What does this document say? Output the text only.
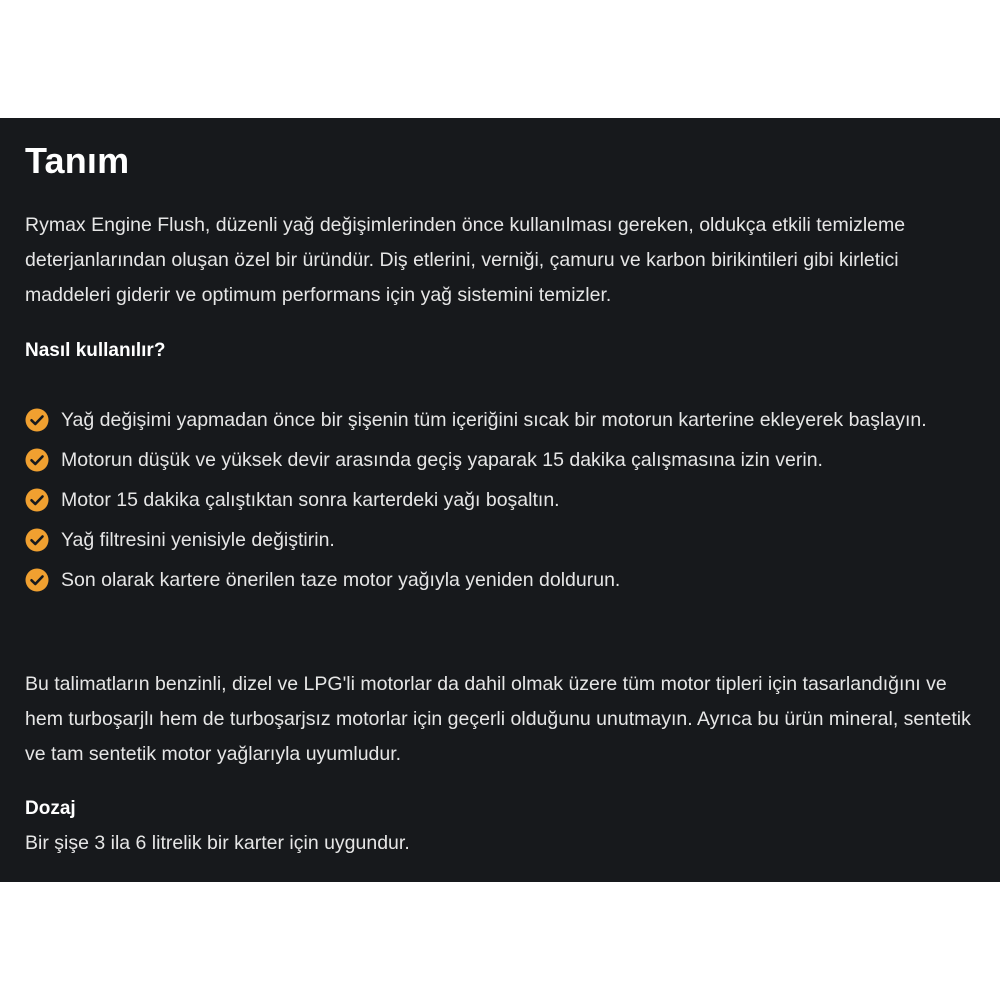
Tanım

Rymax Engine Flush, düzenli yağ değişimlerinden önce kullanılması gereken, oldukça etkili temizleme deterjanlarından oluşan özel bir üründür. Diş etlerini, verniği, çamuru ve karbon birikintileri gibi kirletici maddeleri giderir ve optimum performans için yağ sistemini temizler.

Nasıl kullanılır?
Yağ değişimi yapmadan önce bir şişenin tüm içeriğini sıcak bir motorun karterine ekleyerek başlayın.
Motorun düşük ve yüksek devir arasında geçiş yaparak 15 dakika çalışmasına izin verin.
Motor 15 dakika çalıştıktan sonra karterdeki yağı boşaltın.
Yağ filtresini yenisiyle değiştirin.
Son olarak kartere önerilen taze motor yağıyla yeniden doldurun.

Bu talimatların benzinli, dizel ve LPG'li motorlar da dahil olmak üzere tüm motor tipleri için tasarlandığını ve hem turboşarjlı hem de turboşarjsız motorlar için geçerli olduğunu unutmayın. Ayrıca bu ürün mineral, sentetik ve tam sentetik motor yağlarıyla uyumludur.

Dozaj

Bir şişe 3 ila 6 litrelik bir karter için uygundur.
